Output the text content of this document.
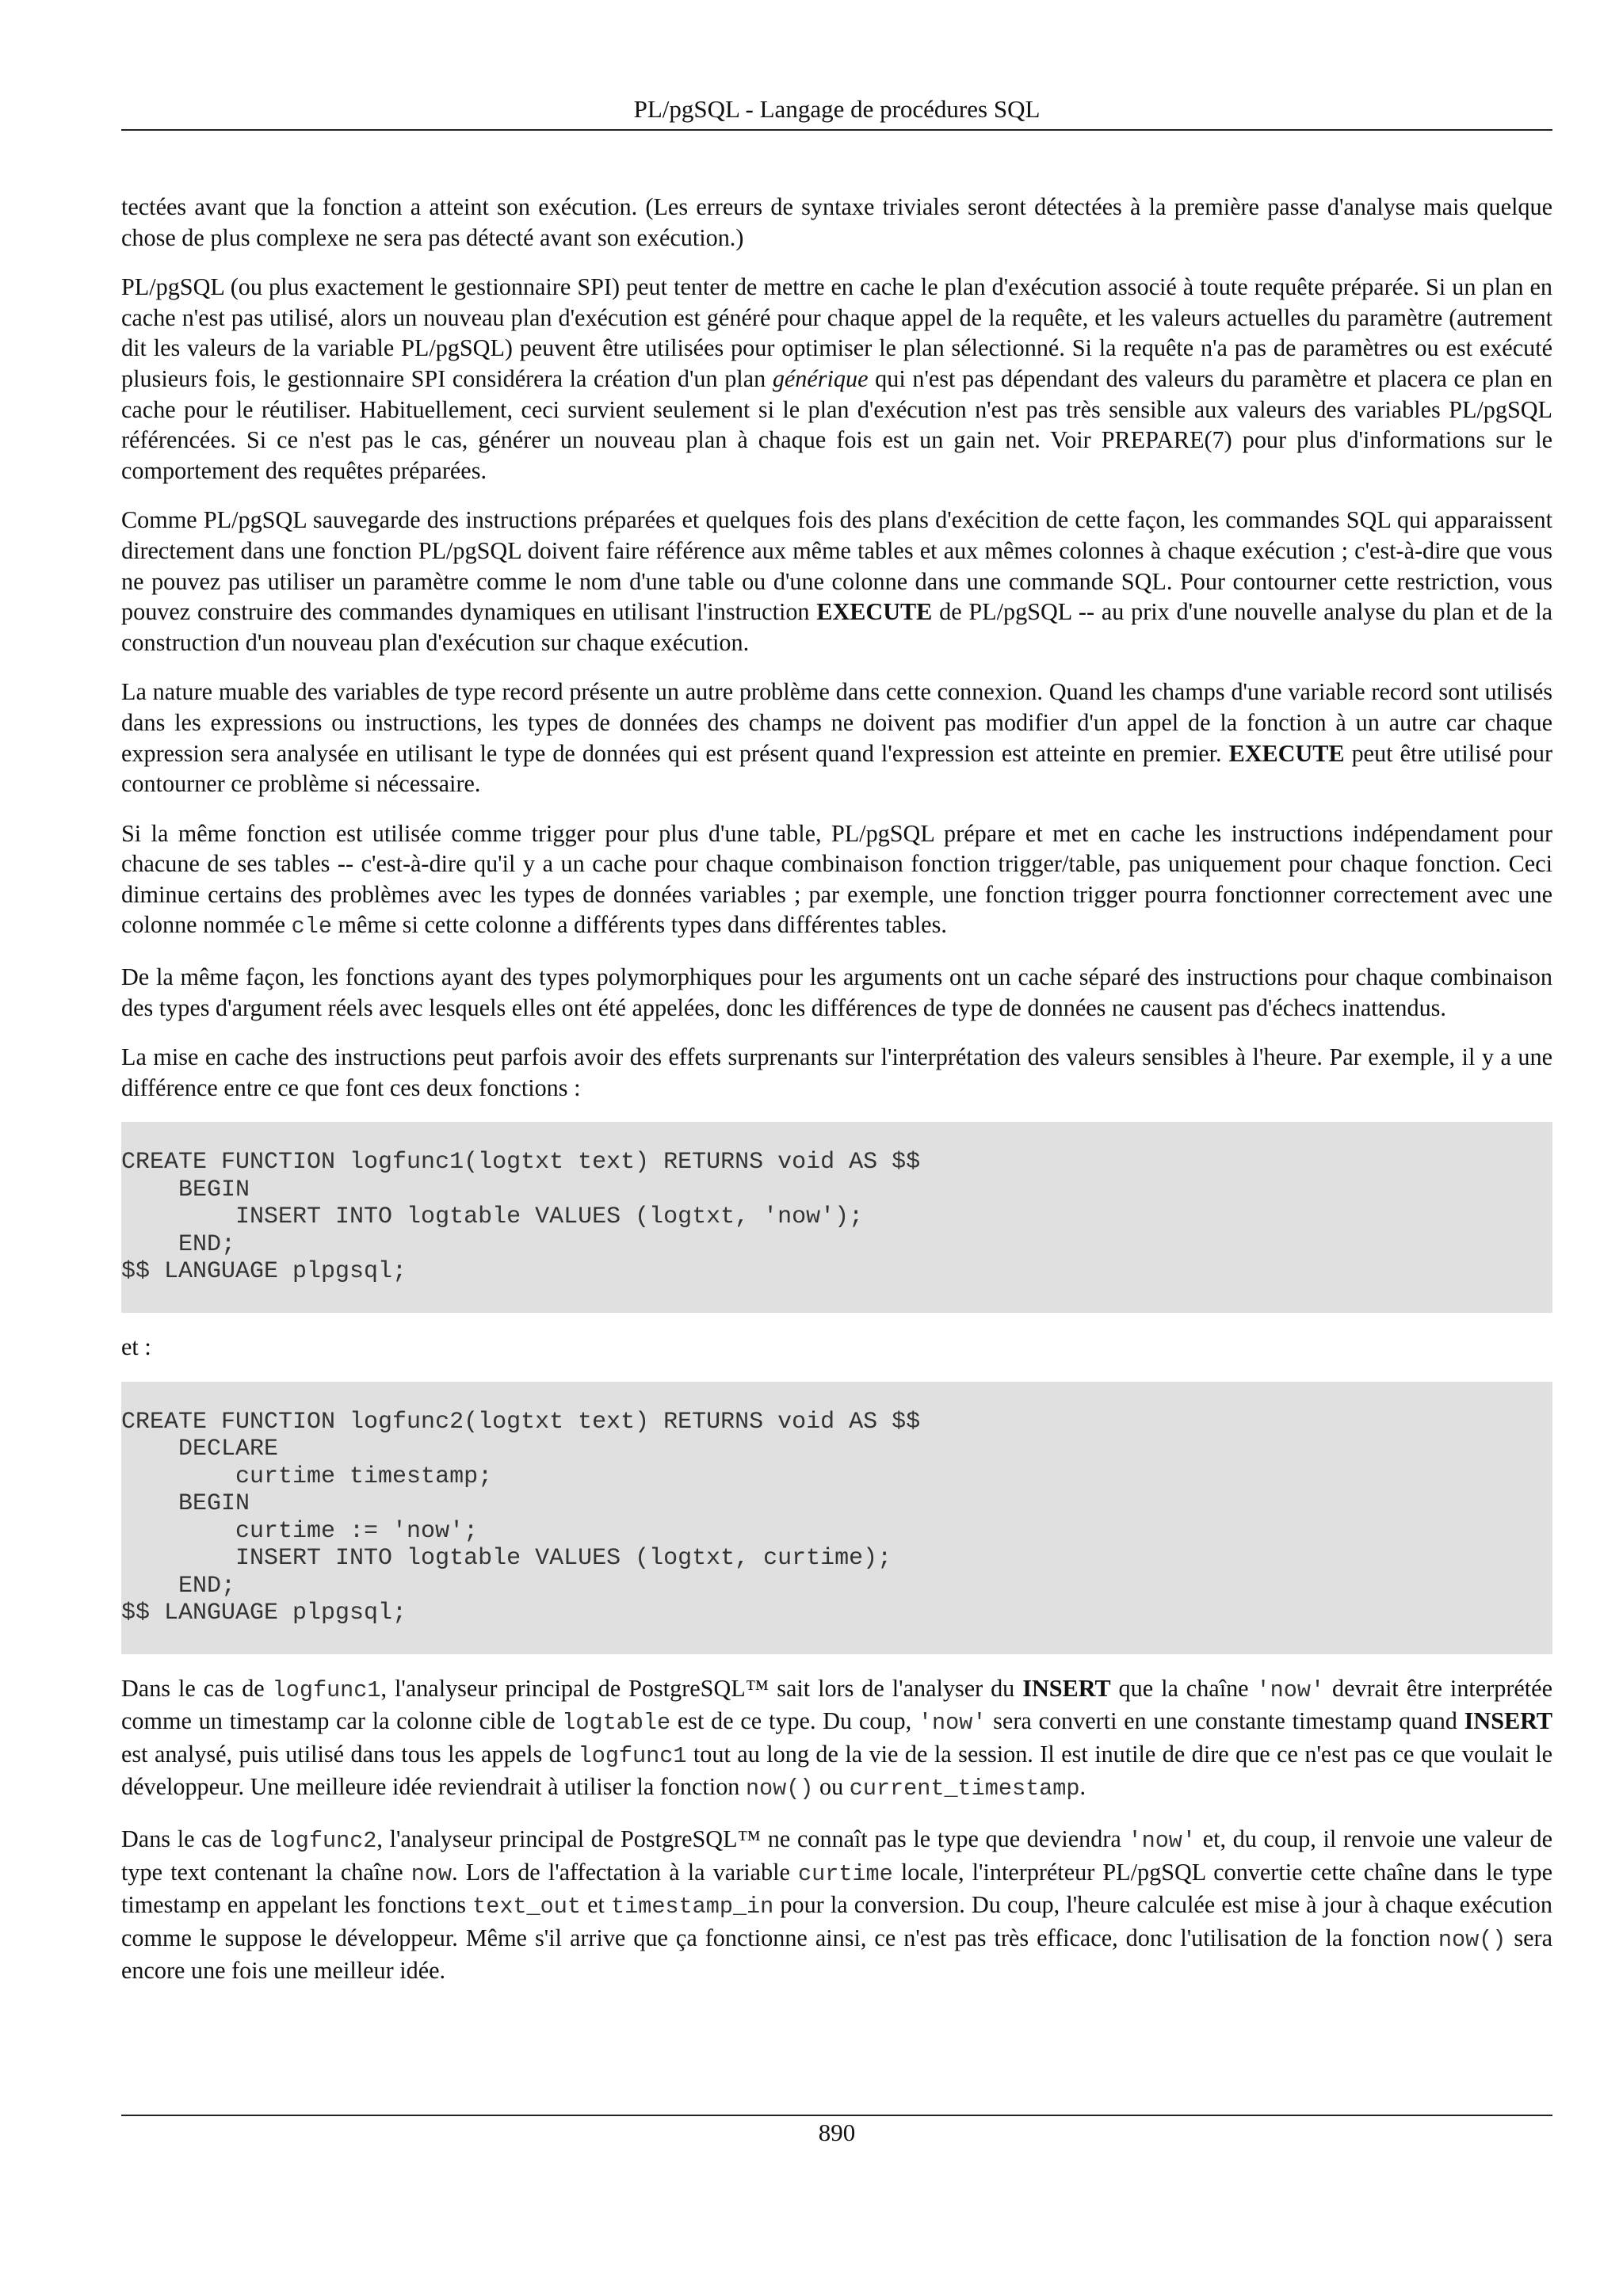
PL/pgSQL - Langage de procédures SQL

tectées avant que la fonction a atteint son exécution. (Les erreurs de syntaxe triviales seront détectées à la première passe d'analyse mais quelque chose de plus complexe ne sera pas détecté avant son exécution.)

PL/pgSQL (ou plus exactement le gestionnaire SPI) peut tenter de mettre en cache le plan d'exécution associé à toute requête préparée. Si un plan en cache n'est pas utilisé, alors un nouveau plan d'exécution est généré pour chaque appel de la requête, et les valeurs actuelles du paramètre (autrement dit les valeurs de la variable PL/pgSQL) peuvent être utilisées pour optimiser le plan sélectionné. Si la requête n'a pas de paramètres ou est exécuté plusieurs fois, le gestionnaire SPI considérera la création d'un plan générique qui n'est pas dépendant des valeurs du paramètre et placera ce plan en cache pour le réutiliser. Habituellement, ceci survient seulement si le plan d'exécution n'est pas très sensible aux valeurs des variables PL/pgSQL référencées. Si ce n'est pas le cas, générer un nouveau plan à chaque fois est un gain net. Voir PREPARE(7) pour plus d'informations sur le comportement des requêtes préparées.

Comme PL/pgSQL sauvegarde des instructions préparées et quelques fois des plans d'exécition de cette façon, les commandes SQL qui apparaissent directement dans une fonction PL/pgSQL doivent faire référence aux même tables et aux mêmes colonnes à chaque exécution ; c'est-à-dire que vous ne pouvez pas utiliser un paramètre comme le nom d'une table ou d'une colonne dans une commande SQL. Pour contourner cette restriction, vous pouvez construire des commandes dynamiques en utilisant l'instruction EXECUTE de PL/pgSQL -- au prix d'une nouvelle analyse du plan et de la construction d'un nouveau plan d'exécution sur chaque exécution.

La nature muable des variables de type record présente un autre problème dans cette connexion. Quand les champs d'une variable record sont utilisés dans les expressions ou instructions, les types de données des champs ne doivent pas modifier d'un appel de la fonction à un autre car chaque expression sera analysée en utilisant le type de données qui est présent quand l'expression est atteinte en premier. EXECUTE peut être utilisé pour contourner ce problème si nécessaire.

Si la même fonction est utilisée comme trigger pour plus d'une table, PL/pgSQL prépare et met en cache les instructions indépendament pour chacune de ses tables -- c'est-à-dire qu'il y a un cache pour chaque combinaison fonction trigger/table, pas uniquement pour chaque fonction. Ceci diminue certains des problèmes avec les types de données variables ; par exemple, une fonction trigger pourra fonctionner correctement avec une colonne nommée cle même si cette colonne a différents types dans différentes tables.

De la même façon, les fonctions ayant des types polymorphiques pour les arguments ont un cache séparé des instructions pour chaque combinaison des types d'argument réels avec lesquels elles ont été appelées, donc les différences de type de données ne causent pas d'échecs inattendus.

La mise en cache des instructions peut parfois avoir des effets surprenants sur l'interprétation des valeurs sensibles à l'heure. Par exemple, il y a une différence entre ce que font ces deux fonctions :

CREATE FUNCTION logfunc1(logtxt text) RETURNS void AS $$
BEGIN
INSERT INTO logtable VALUES (logtxt, 'now');
END;
$$ LANGUAGE plpgsql;

et :

CREATE FUNCTION logfunc2(logtxt text) RETURNS void AS $$
DECLARE
curtime timestamp;
BEGIN
curtime := 'now';
INSERT INTO logtable VALUES (logtxt, curtime);
END;
$$ LANGUAGE plpgsql;

Dans le cas de logfunc1, l'analyseur principal de PostgreSQL™ sait lors de l'analyser du INSERT que la chaîne 'now' devrait être interprétée comme un timestamp car la colonne cible de logtable est de ce type. Du coup, 'now' sera converti en une constante timestamp quand INSERT est analysé, puis utilisé dans tous les appels de logfunc1 tout au long de la vie de la session. Il est inutile de dire que ce n'est pas ce que voulait le développeur. Une meilleure idée reviendrait à utiliser la fonction now() ou current_timestamp.

Dans le cas de logfunc2, l'analyseur principal de PostgreSQL™ ne connaît pas le type que deviendra 'now' et, du coup, il renvoie une valeur de type text contenant la chaîne now. Lors de l'affectation à la variable curtime locale, l'interpréteur PL/pgSQL convertie cette chaîne dans le type timestamp en appelant les fonctions text_out et timestamp_in pour la conversion. Du coup, l'heure calculée est mise à jour à chaque exécution comme le suppose le développeur. Même s'il arrive que ça fonctionne ainsi, ce n'est pas très efficace, donc l'utilisation de la fonction now() sera encore une fois une meilleur idée.

890
